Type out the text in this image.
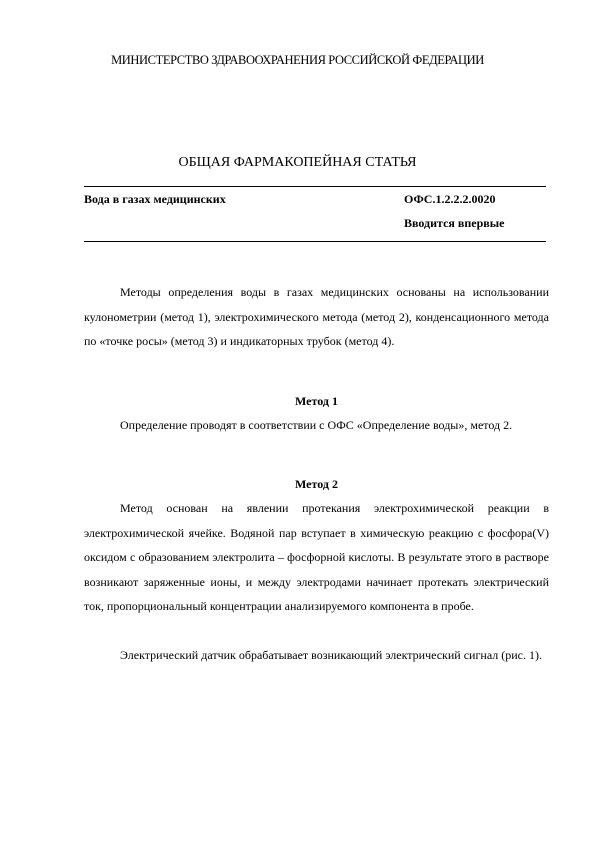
МИНИСТЕРСТВО ЗДРАВООХРАНЕНИЯ РОССИЙСКОЙ ФЕДЕРАЦИИ
ОБЩАЯ ФАРМАКОПЕЙНАЯ СТАТЬЯ
Вода в газах медицинских	ОФС.1.2.2.2.0020
Вводится впервые

Методы определения воды в газах медицинских основаны на использовании кулонометрии (метод 1), электрохимического метода (метод 2), конденсационного метода по «точке росы» (метод 3) и индикаторных трубок (метод 4).

Метод 1

Определение проводят в соответствии с ОФС «Определение воды», метод 2.

Метод 2

Метод основан на явлении протекания электрохимической реакции в электрохимической ячейке. Водяной пар вступает в химическую реакцию с фосфора(V) оксидом с образованием электролита – фосфорной кислоты. В результате этого в растворе возникают заряженные ионы, и между электродами начинает протекать электрический ток, пропорциональный концентрации анализируемого компонента в пробе.

Электрический датчик обрабатывает возникающий электрический сигнал (рис. 1).
